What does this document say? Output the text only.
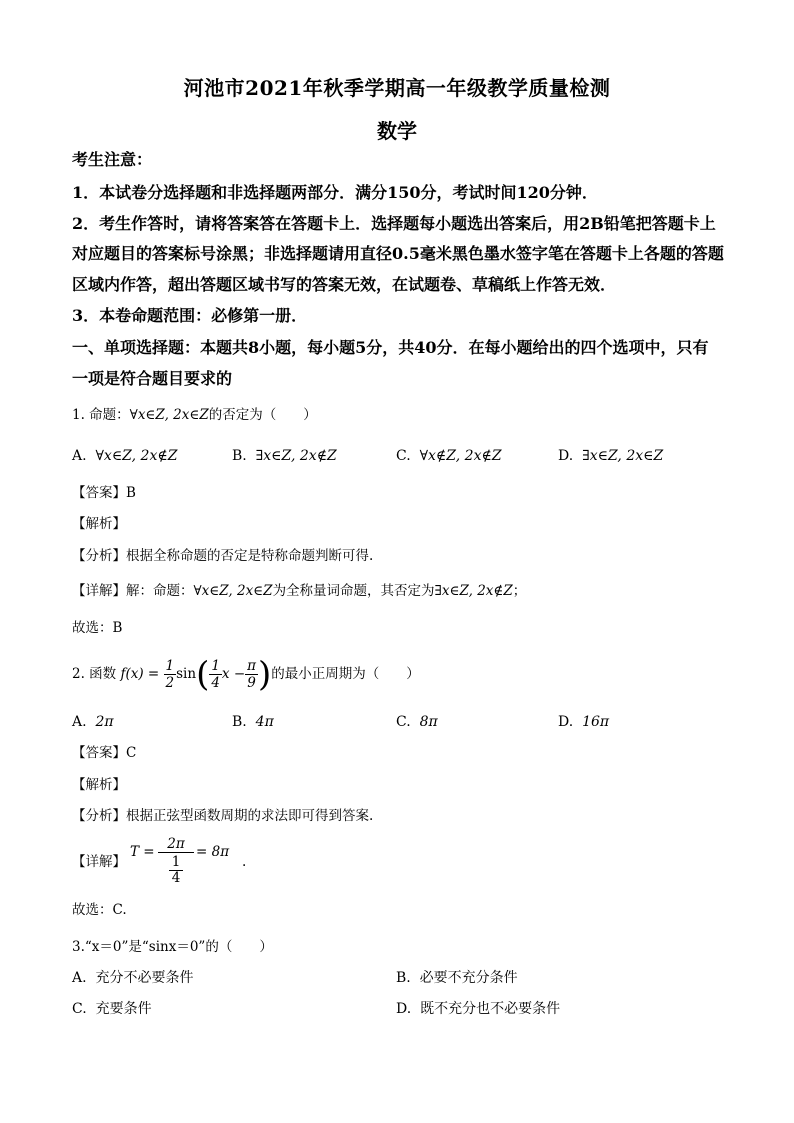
河池市2021年秋季学期高一年级教学质量检测
数学
考生注意：
1．本试卷分选择题和非选择题两部分．满分150分，考试时间120分钟．
2．考生作答时，请将答案答在答题卡上．选择题每小题选出答案后，用2B铅笔把答题卡上
对应题目的答案标号涂黑；非选择题请用直径0.5毫米黑色墨水签字笔在答题卡上各题的答题
区域内作答，超出答题区域书写的答案无效，在试题卷、草稿纸上作答无效．
3．本卷命题范围：必修第一册．
一、单项选择题：本题共8小题，每小题5分，共40分．在每小题给出的四个选项中，只有
一项是符合题目要求的
1. 命题：∀x∈Z, 2x∈Z的否定为（　　）
A. ∀x∈Z, 2x∉Z	B. ∃x∈Z, 2x∉Z	C. ∀x∉Z, 2x∉Z	D. ∃x∈Z, 2x∈Z
【答案】B
【解析】
【分析】根据全称命题的否定是特称命题判断可得.
【详解】解：命题：∀x∈Z, 2x∈Z为全称量词命题，其否定为∃x∈Z, 2x∉Z；
故选：B
2. 函数 $f(x) = \frac{1}{2} \sin( \frac{1}{4}$ $x - \frac{\pi}{9}$ )的最小正周期为（　　）
A. 2π	B. 4π	C. 8π	D. 16π
【答案】C
【解析】
【分析】根据正弦型函数周期的求法即可得到答案.
【详解】
T = 2π
1
4
= 8π
.
故选：C.
3.“x＝0”是“sinx＝0”的（　　）
A. 充分不必要条件	B. 必要不充分条件
C. 充要条件	D. 既不充分也不必要条件
